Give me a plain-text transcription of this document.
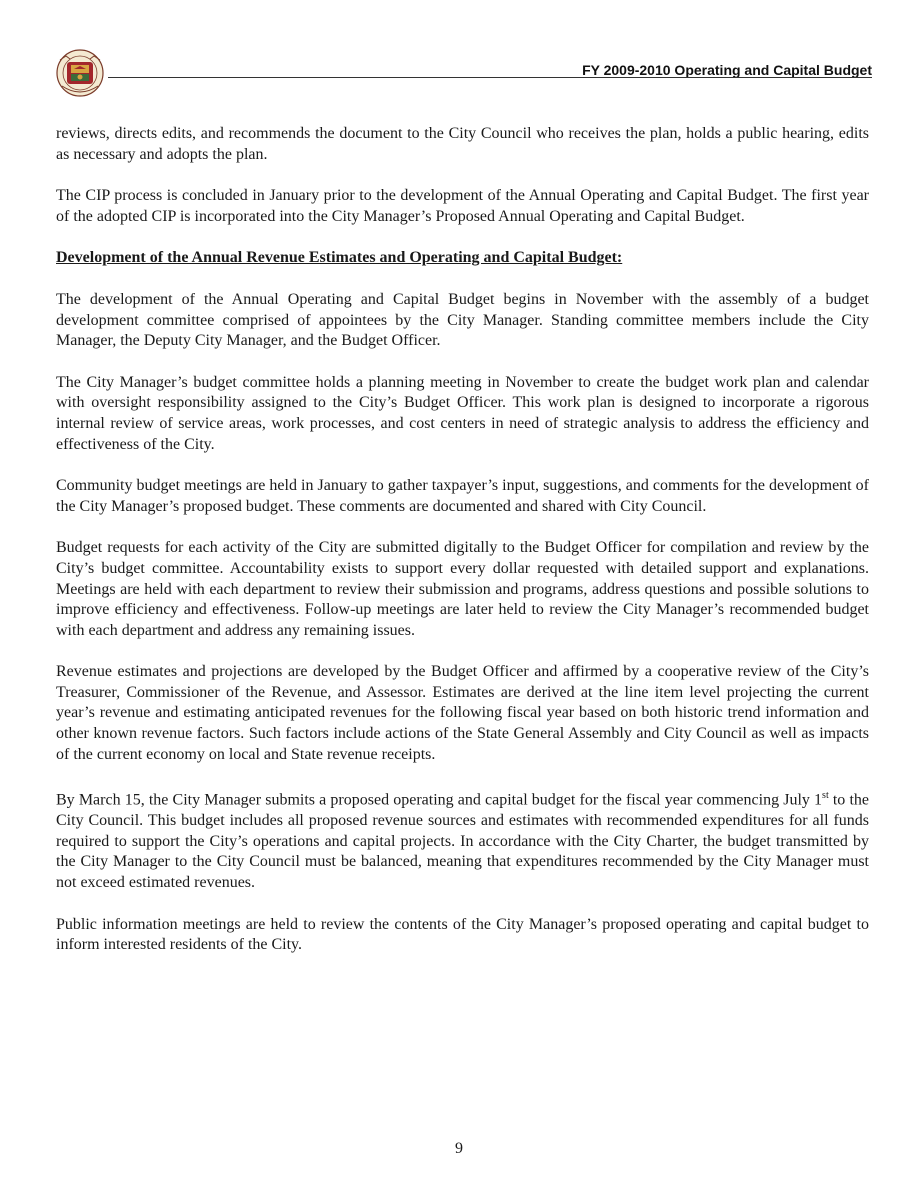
FY 2009-2010 Operating and Capital Budget

reviews, directs edits, and recommends the document to the City Council who receives the plan, holds a public hearing, edits as necessary and adopts the plan.

The CIP process is concluded in January prior to the development of the Annual Operating and Capital Budget. The first year of the adopted CIP is incorporated into the City Manager’s Proposed Annual Operating and Capital Budget.

Development of the Annual Revenue Estimates and Operating and Capital Budget:

The development of the Annual Operating and Capital Budget begins in November with the assembly of a budget development committee comprised of appointees by the City Manager. Standing committee members include the City Manager, the Deputy City Manager, and the Budget Officer.

The City Manager’s budget committee holds a planning meeting in November to create the budget work plan and calendar with oversight responsibility assigned to the City’s Budget Officer. This work plan is designed to incorporate a rigorous internal review of service areas, work processes, and cost centers in need of strategic analysis to address the efficiency and effectiveness of the City.

Community budget meetings are held in January to gather taxpayer’s input, suggestions, and comments for the development of the City Manager’s proposed budget. These comments are documented and shared with City Council.

Budget requests for each activity of the City are submitted digitally to the Budget Officer for compilation and review by the City’s budget committee. Accountability exists to support every dollar requested with detailed support and explanations. Meetings are held with each department to review their submission and programs, address questions and possible solutions to improve efficiency and effectiveness. Follow-up meetings are later held to review the City Manager’s recommended budget with each department and address any remaining issues.

Revenue estimates and projections are developed by the Budget Officer and affirmed by a cooperative review of the City’s Treasurer, Commissioner of the Revenue, and Assessor. Estimates are derived at the line item level projecting the current year’s revenue and estimating anticipated revenues for the following fiscal year based on both historic trend information and other known revenue factors. Such factors include actions of the State General Assembly and City Council as well as impacts of the current economy on local and State revenue receipts.

By March 15, the City Manager submits a proposed operating and capital budget for the fiscal year commencing July 1st to the City Council. This budget includes all proposed revenue sources and estimates with recommended expenditures for all funds required to support the City’s operations and capital projects. In accordance with the City Charter, the budget transmitted by the City Manager to the City Council must be balanced, meaning that expenditures recommended by the City Manager must not exceed estimated revenues.

Public information meetings are held to review the contents of the City Manager’s proposed operating and capital budget to inform interested residents of the City.

9
